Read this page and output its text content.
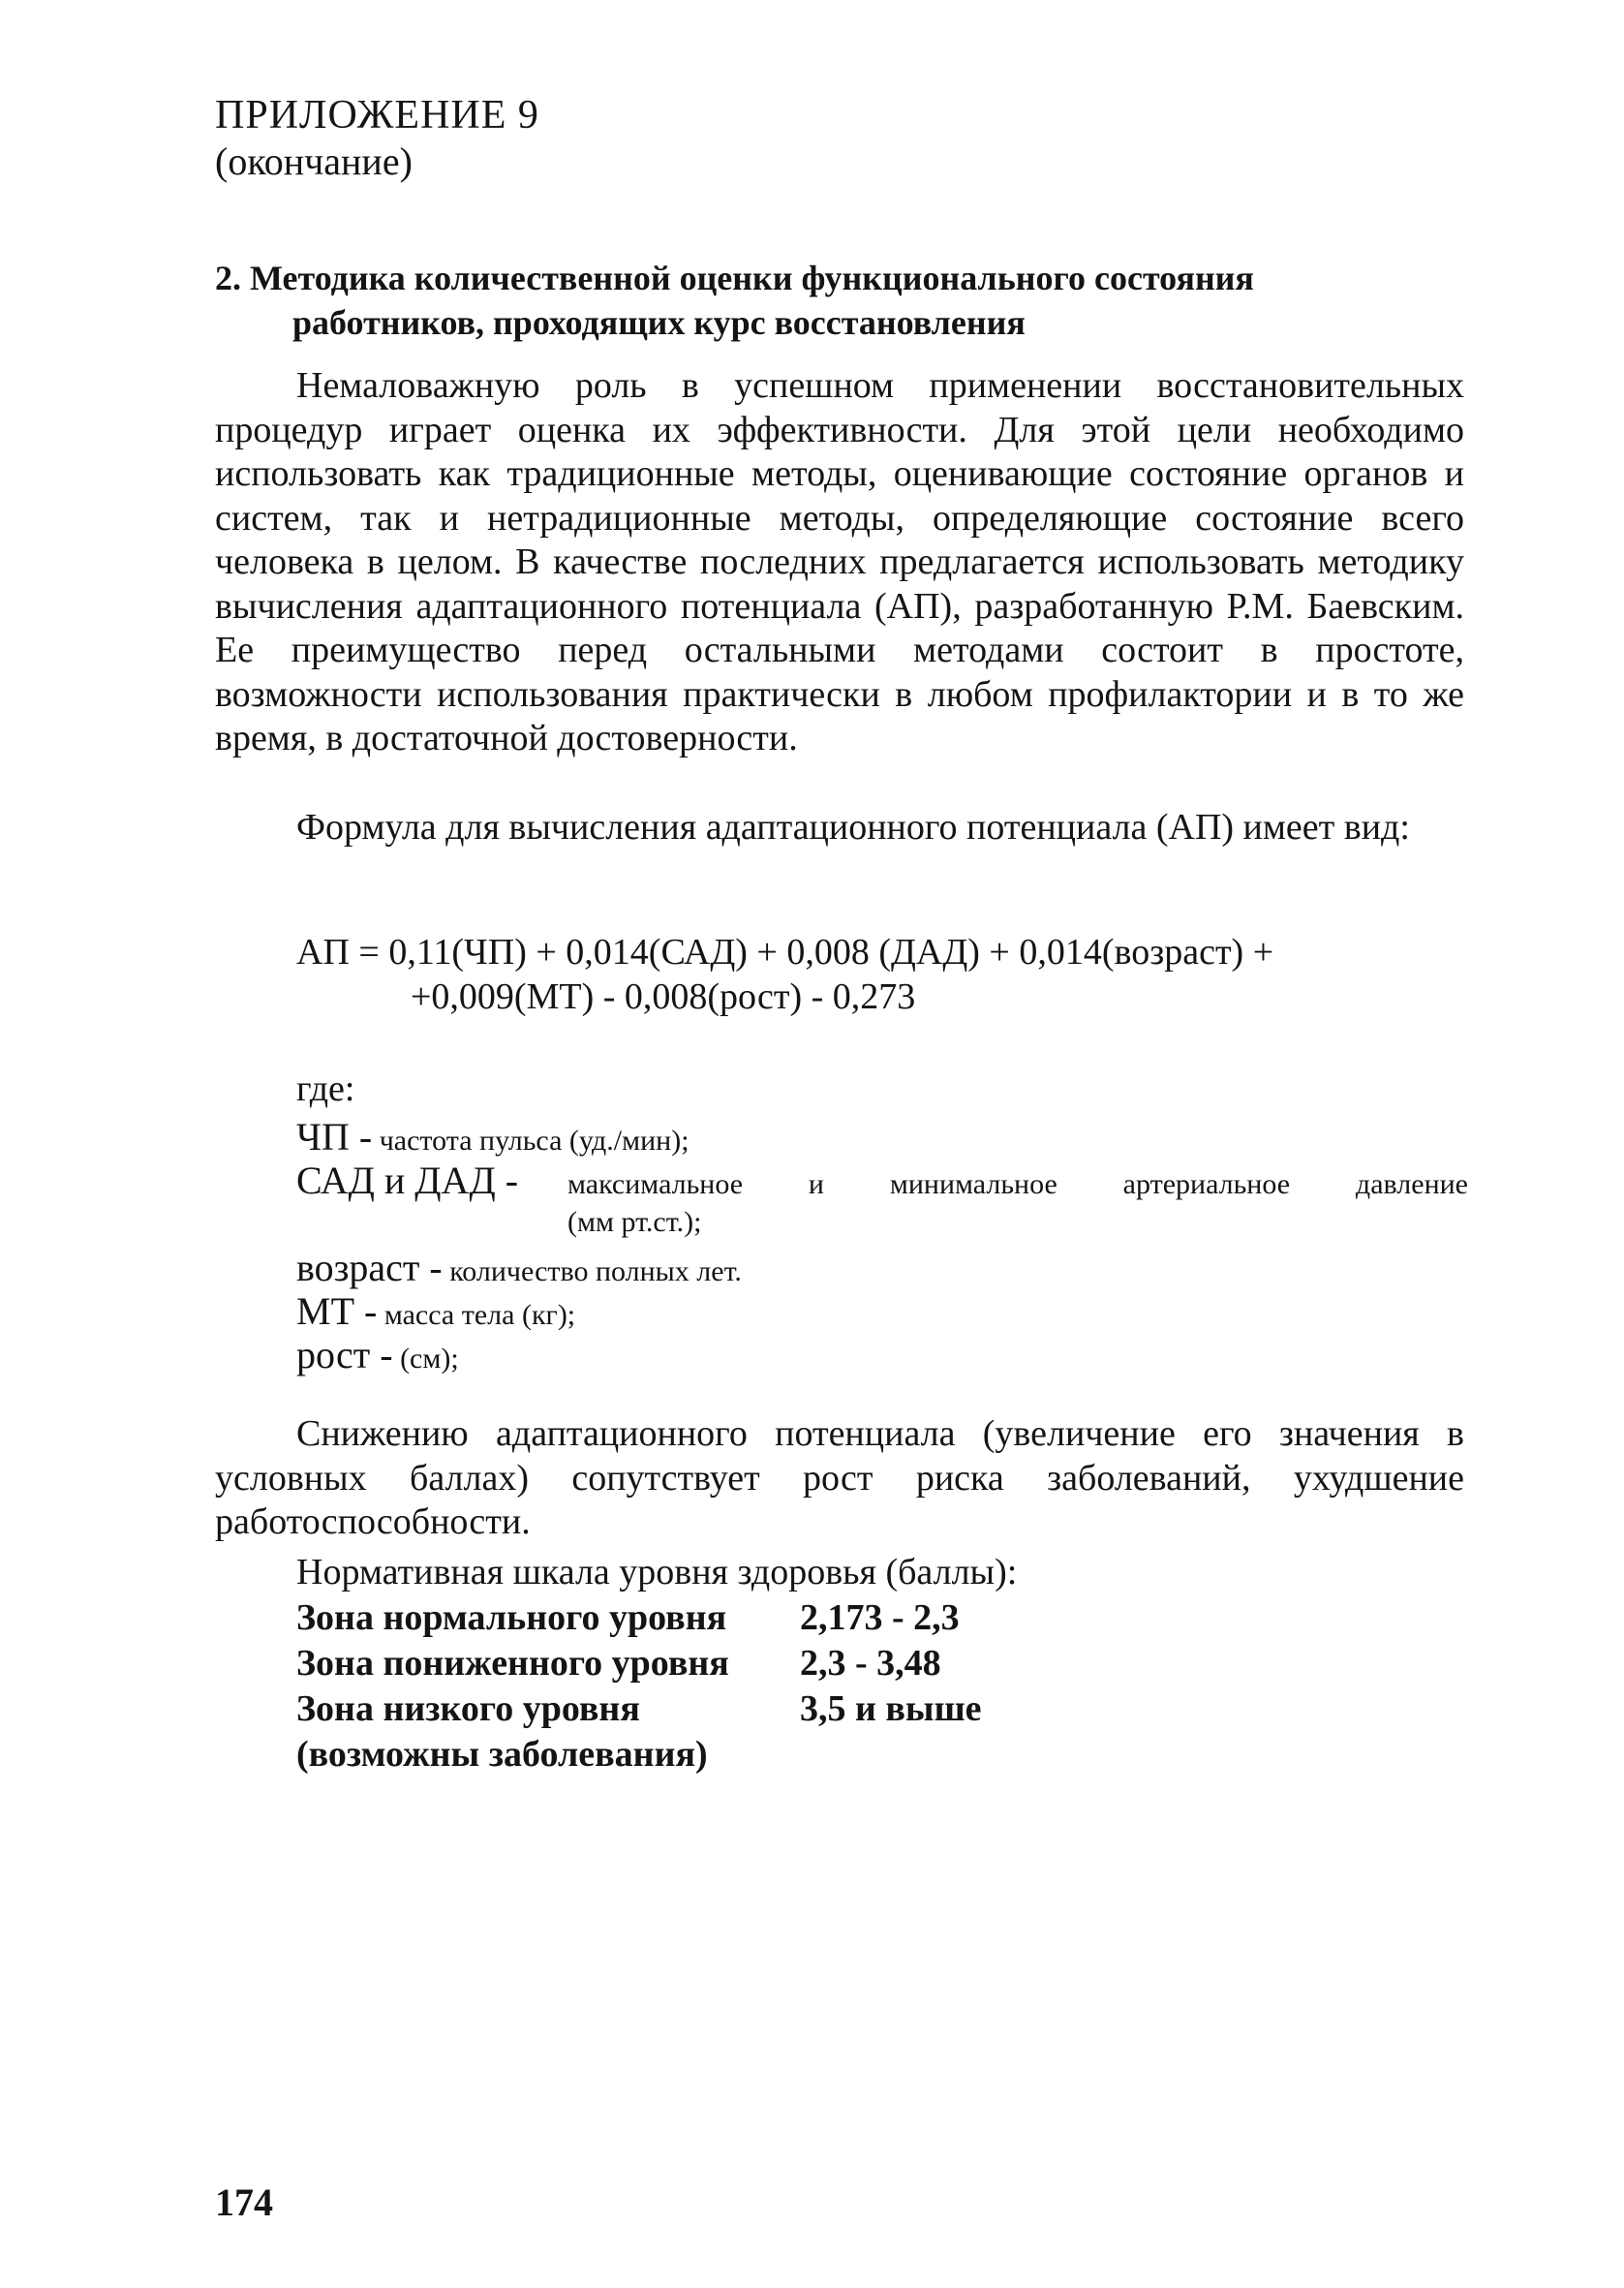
ПРИЛОЖЕНИЕ 9
(окончание)
2. Методика количественной оценки функционального состояния
работников, проходящих курс восстановления

Немаловажную роль в успешном применении восстановительных процедур играет оценка их эффективности. Для этой цели необходимо использовать как традиционные методы, оценивающие состояние органов и систем, так и нетрадиционные методы, определяющие состояние всего человека в целом. В качестве последних предлагается использовать методику вычисления адаптационного потенциала (АП), разработанную Р.М. Баевским. Ее преимущество перед остальными методами состоит в простоте, возможности использования практически в любом профилактории и в то же время, в достаточной достоверности.

Формула для вычисления адаптационного потенциала (АП) имеет вид:

АП = 0,11(ЧП) + 0,014(САД) + 0,008 (ДАД) + 0,014(возраст) +
+0,009(МТ) - 0,008(рост) - 0,273
где:
ЧП - частота пульса (уд./мин);
САД и ДАД - максимальное и минимальное артериальное давление
(мм рт.ст.);
возраст - количество полных лет.
МТ - масса тела (кг);
рост - (см);

Снижению адаптационного потенциала (увеличение его значения в условных баллах) сопутствует рост риска заболеваний, ухудшение работоспособности.

Нормативная шкала уровня здоровья (баллы):
Зона нормального уровня 2,173 - 2,3
Зона пониженного уровня 2,3 - 3,48
Зона низкого уровня	3,5 и выше
(возможны заболевания)
174
